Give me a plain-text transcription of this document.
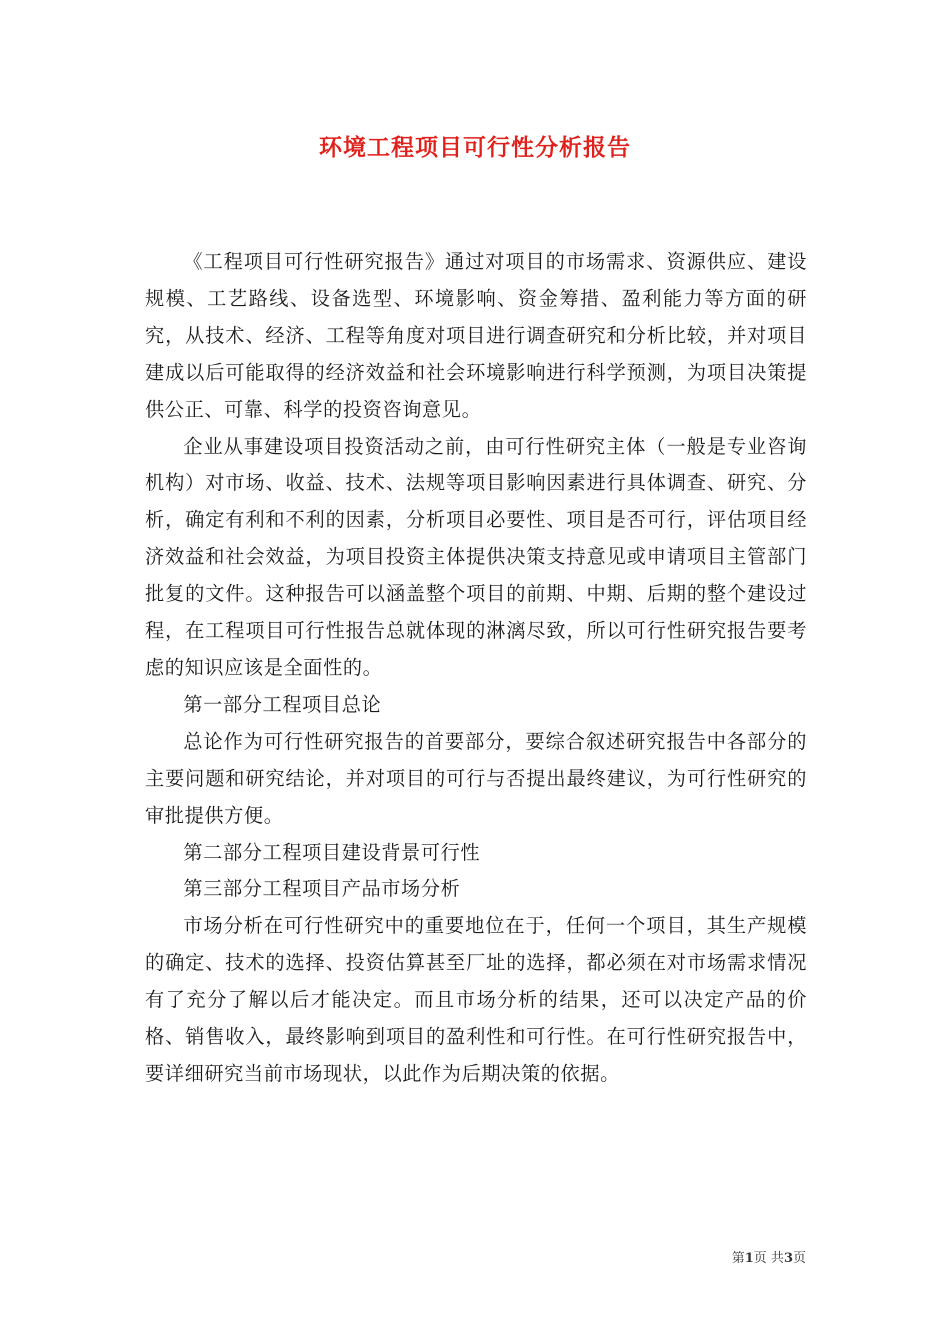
环境工程项目可行性分析报告

《工程项目可行性研究报告》通过对项目的市场需求、资源供应、建设规模、工艺路线、设备选型、环境影响、资金筹措、盈利能力等方面的研究，从技术、经济、工程等角度对项目进行调查研究和分析比较，并对项目建成以后可能取得的经济效益和社会环境影响进行科学预测，为项目决策提供公正、可靠、科学的投资咨询意见。

企业从事建设项目投资活动之前，由可行性研究主体（一般是专业咨询机构）对市场、收益、技术、法规等项目影响因素进行具体调查、研究、分析，确定有利和不利的因素，分析项目必要性、项目是否可行，评估项目经济效益和社会效益，为项目投资主体提供决策支持意见或申请项目主管部门批复的文件。这种报告可以涵盖整个项目的前期、中期、后期的整个建设过程，在工程项目可行性报告总就体现的淋漓尽致，所以可行性研究报告要考虑的知识应该是全面性的。

第一部分工程项目总论

总论作为可行性研究报告的首要部分，要综合叙述研究报告中各部分的主要问题和研究结论，并对项目的可行与否提出最终建议，为可行性研究的审批提供方便。

第二部分工程项目建设背景可行性

第三部分工程项目产品市场分析

市场分析在可行性研究中的重要地位在于，任何一个项目，其生产规模的确定、技术的选择、投资估算甚至厂址的选择，都必须在对市场需求情况有了充分了解以后才能决定。而且市场分析的结果，还可以决定产品的价格、销售收入，最终影响到项目的盈利性和可行性。在可行性研究报告中，要详细研究当前市场现状，以此作为后期决策的依据。

第1页 共3页
